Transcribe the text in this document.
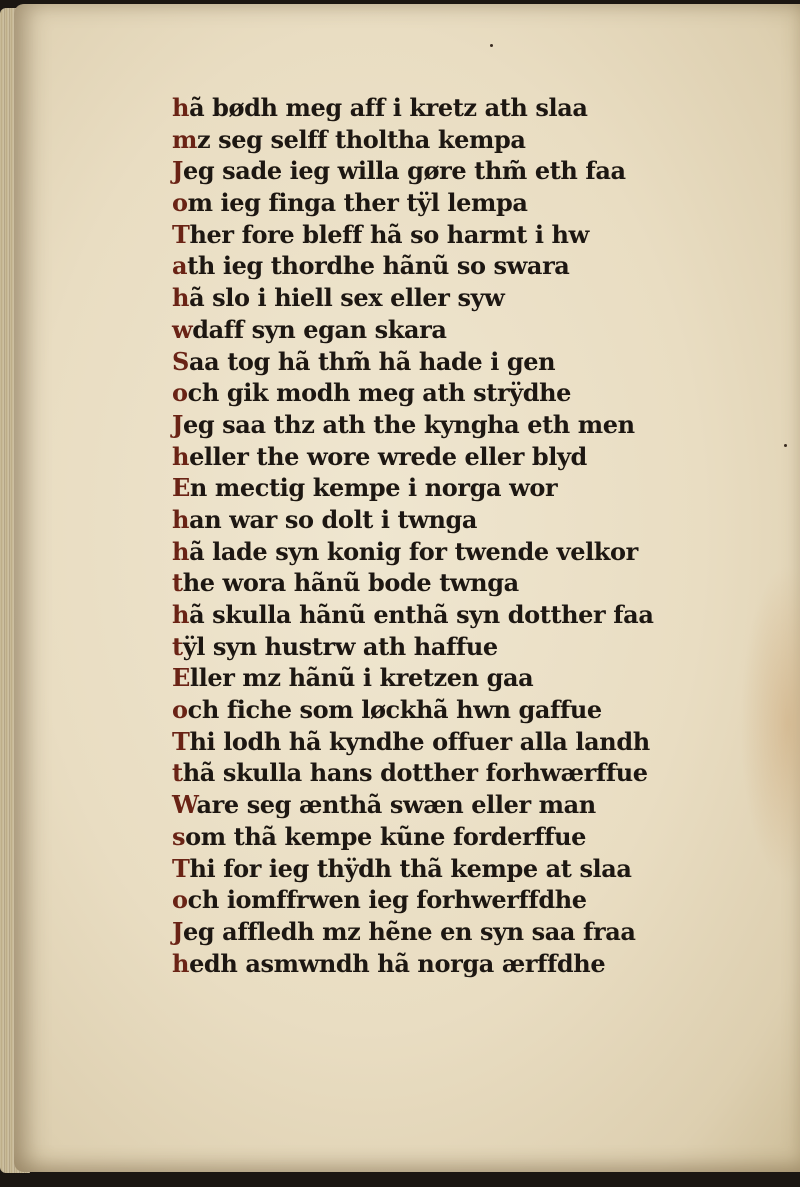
hã bødh meg aff i kretz ath slaa
mz seg selff tholtha kempa
Jeg sade ieg willa gøre thm̃ eth faa
om ieg finga ther tÿl lempa
Ther fore bleff hã so harmt i hw
ath ieg thordhe hãnũ so swara
hã slo i hiell sex eller syw
wdaff syn egan skara
Saa tog hã thm̃ hã hade i gen
och gik modh meg ath strÿdhe
Jeg saa thz ath the kyngha eth men
heller the wore wrede eller blyd
En mectig kempe i norga wor
han war so dolt i twnga
hã lade syn konig for twende velkor
the wora hãnũ bode twnga
hã skulla hãnũ enthã syn dotther faa
tÿl syn hustrw ath haffue
Eller mz hãnũ i kretzen gaa
och fiche som løckhã hwn gaffue
Thi lodh hã kyndhe offuer alla landh
thã skulla hans dotther forhwærffue
Ware seg ænthã swæn eller man
som thã kempe kũne forderffue
Thi for ieg thÿdh thã kempe at slaa
och iomffrwen ieg forhwerffdhe
Jeg affledh mz hẽne en syn saa fraa
hedh asmwndh hã norga ærffdhe
